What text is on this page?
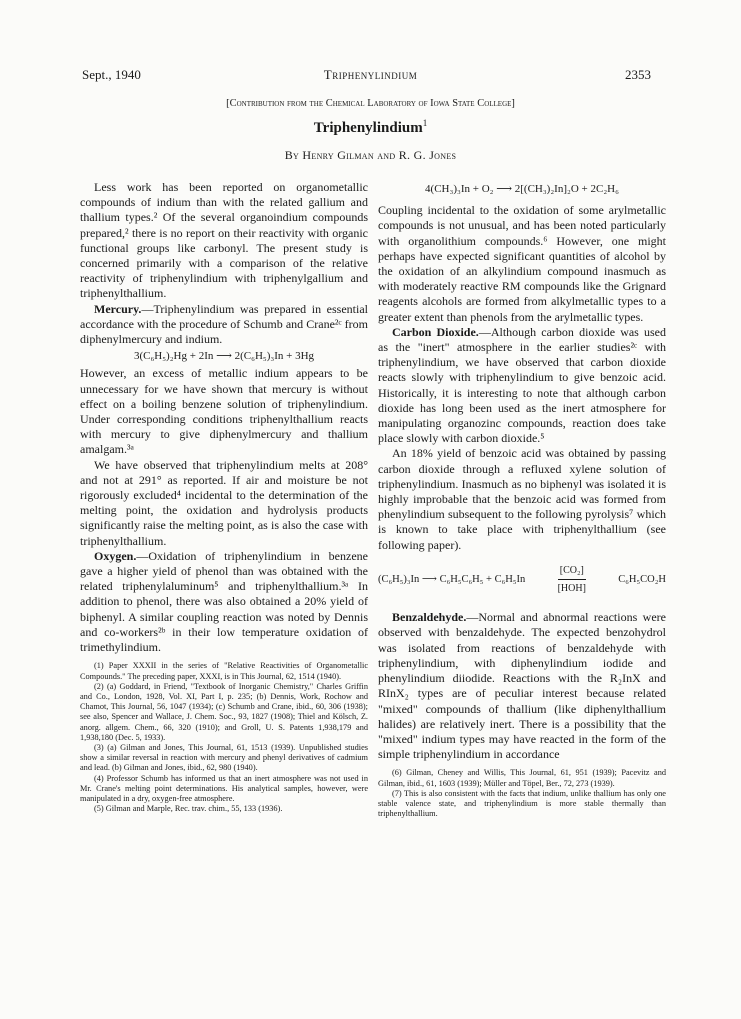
Sept., 1940	Triphenylindium	2353
[Contribution from the Chemical Laboratory of Iowa State College]
Triphenylindium$^1$
By Henry Gilman and R. G. Jones

Less work has been reported on organometallic compounds of indium than with the related gallium and thallium types.² Of the several organoindium compounds prepared,² there is no report on their reactivity with organic functional groups like carbonyl. The present study is concerned primarily with a comparison of the relative reactivity of triphenylindium with triphenylgallium and triphenylthallium.

Mercury.—Triphenylindium was prepared in essential accordance with the procedure of Schumb and Crane²ᶜ from diphenylmercury and indium.

3(C₆H₅)₂Hg + 2In ⟶ 2(C₆H₅)₃In + 3Hg

However, an excess of metallic indium appears to be unnecessary for we have shown that mercury is without effect on a boiling benzene solution of triphenylindium. Under corresponding conditions triphenylthallium reacts with mercury to give diphenylmercury and thallium amalgam.³ᵃ

We have observed that triphenylindium melts at 208° and not at 291° as reported. If air and moisture be not rigorously excluded⁴ incidental to the determination of the melting point, the oxidation and hydrolysis products significantly raise the melting point, as is also the case with triphenylthallium.

Oxygen.—Oxidation of triphenylindium in benzene gave a higher yield of phenol than was obtained with the related triphenylaluminum⁵ and triphenylthallium.³ᵃ In addition to phenol, there was also obtained a 20% yield of biphenyl. A similar coupling reaction was noted by Dennis and co-workers²ᵇ in their low temperature oxidation of trimethylindium.

(1) Paper XXXII in the series of "Relative Reactivities of Organometallic Compounds." The preceding paper, XXXI, is in This Journal, 62, 1514 (1940).

(2) (a) Goddard, in Friend, "Textbook of Inorganic Chemistry," Charles Griffin and Co., London, 1928, Vol. XI, Part I, p. 235; (b) Dennis, Work, Rochow and Chamot, This Journal, 56, 1047 (1934); (c) Schumb and Crane, ibid., 60, 306 (1938); see also, Spencer and Wallace, J. Chem. Soc., 93, 1827 (1908); Thiel and Kölsch, Z. anorg. allgem. Chem., 66, 320 (1910); and Groll, U. S. Patents 1,938,179 and 1,938,180 (Dec. 5, 1933).

(3) (a) Gilman and Jones, This Journal, 61, 1513 (1939). Unpublished studies show a similar reversal in reaction with mercury and phenyl derivatives of cadmium and lead. (b) Gilman and Jones, ibid., 62, 980 (1940).

(4) Professor Schumb has informed us that an inert atmosphere was not used in Mr. Crane's melting point determinations. His analytical samples, however, were manipulated in a dry, oxygen-free atmosphere.

(5) Gilman and Marple, Rec. trav. chim., 55, 133 (1936).

4(CH₃)₃In + O₂ ⟶ 2[(CH₃)₂In]₂O + 2C₂H₆

Coupling incidental to the oxidation of some arylmetallic compounds is not unusual, and has been noted particularly with organolithium compounds.⁶ However, one might perhaps have expected significant quantities of alcohol by the oxidation of an alkylindium compound inasmuch as with moderately reactive RM compounds like the Grignard reagents alcohols are formed from alkylmetallic types to a greater extent than phenols from the arylmetallic types.

Carbon Dioxide.—Although carbon dioxide was used as the "inert" atmosphere in the earlier studies²ᶜ with triphenylindium, we have observed that carbon dioxide reacts slowly with triphenylindium to give benzoic acid. Historically, it is interesting to note that although carbon dioxide has long been used as the inert atmosphere for manipulating organozinc compounds, reaction does take place slowly with carbon dioxide.⁵

An 18% yield of benzoic acid was obtained by passing carbon dioxide through a refluxed xylene solution of triphenylindium. Inasmuch as no biphenyl was isolated it is highly improbable that the benzoic acid was formed from phenylindium subsequent to the following pyrolysis⁷ which is known to take place with triphenylthallium (see following paper).

(C₆H₅)₃In ⟶ C₆H₅C₆H₅ + C₆H₅In	$\frac{\text{[CO₂]}}{\text{[HOH]}}$	C₆H₅CO₂H

Benzaldehyde.—Normal and abnormal reactions were observed with benzaldehyde. The expected benzohydrol was isolated from reactions of benzaldehyde with triphenylindium, with diphenylindium iodide and phenylindium diiodide. Reactions with the R₂InX and RInX₂ types are of peculiar interest because related "mixed" compounds of thallium (like diphenylthallium halides) are relatively inert. There is a possibility that the "mixed" indium types may have reacted in the form of the simple triphenylindium in accordance

(6) Gilman, Cheney and Willis, This Journal, 61, 951 (1939); Pacevitz and Gilman, ibid., 61, 1603 (1939); Müller and Töpel, Ber., 72, 273 (1939).

(7) This is also consistent with the facts that indium, unlike thallium has only one stable valence state, and triphenylindium is more stable thermally than triphenylthallium.
